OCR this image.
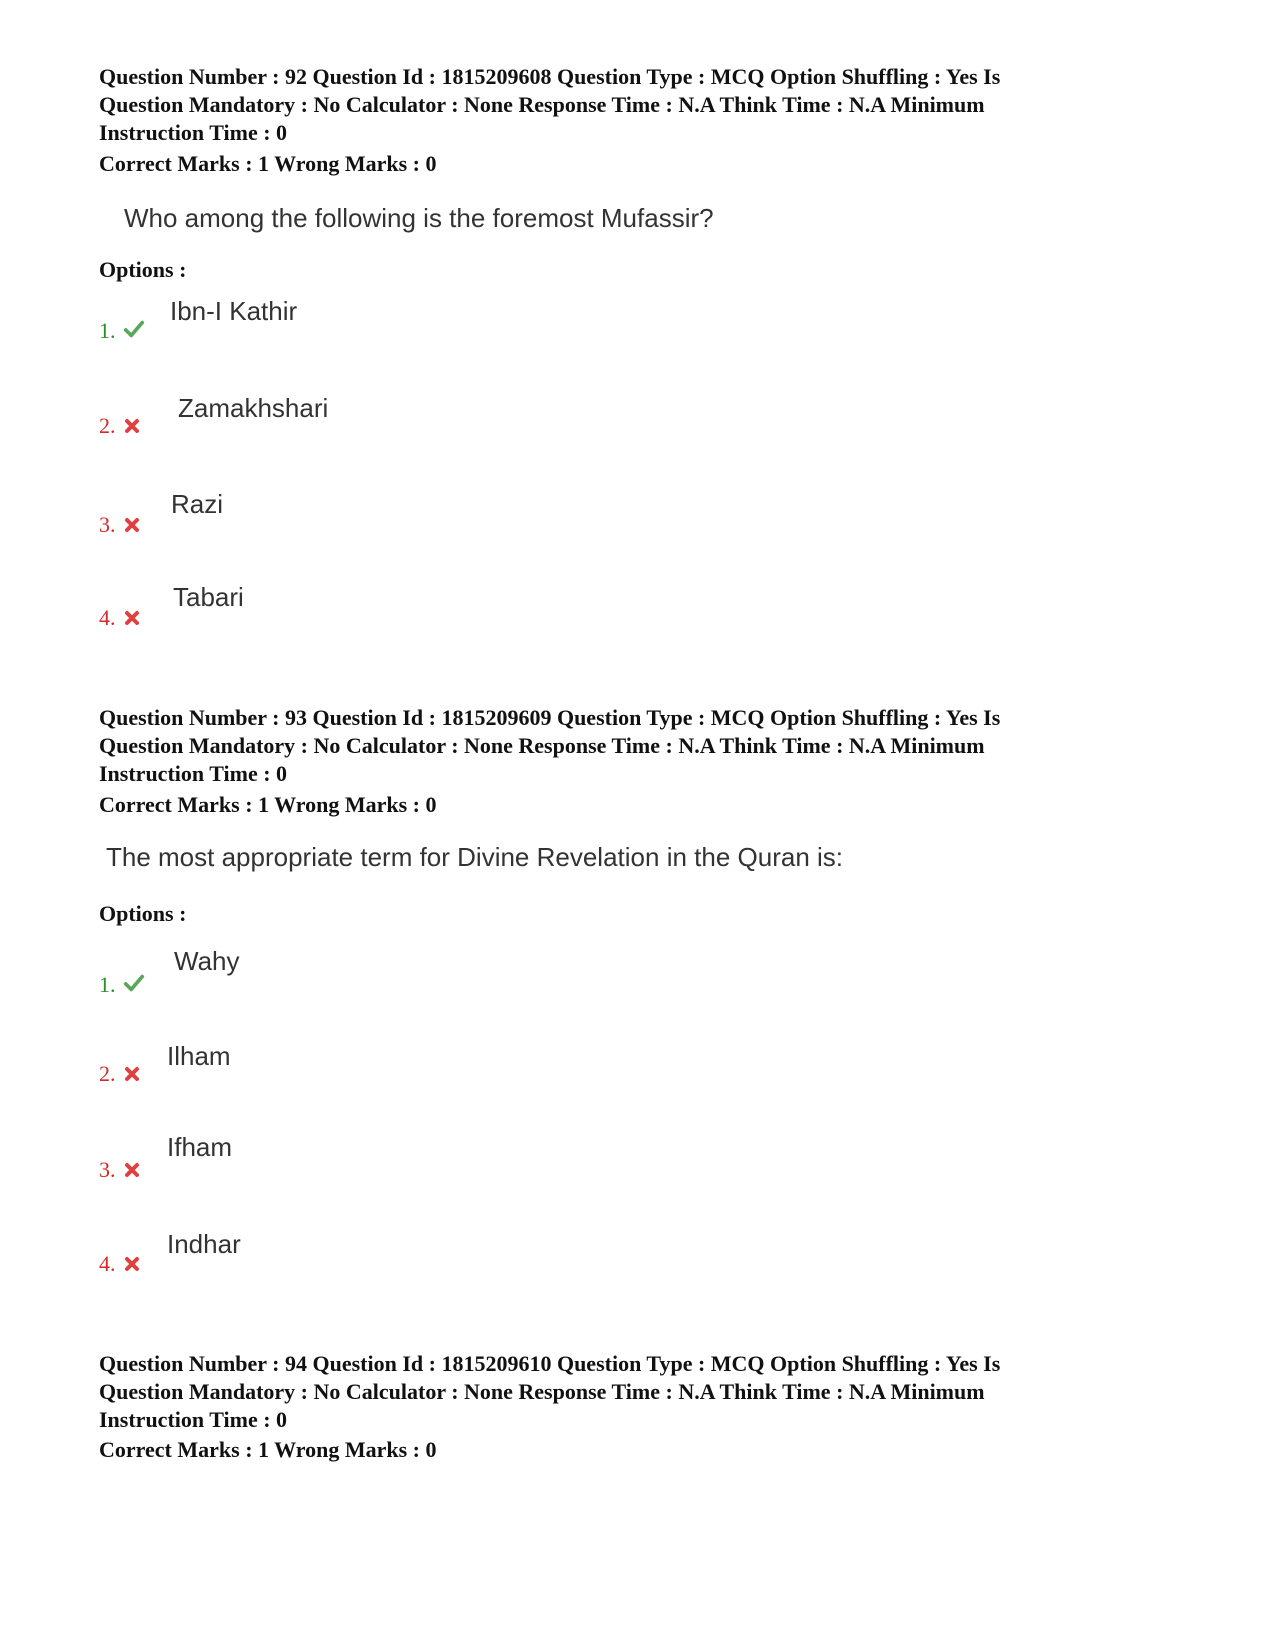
Question Number : 92 Question Id : 1815209608 Question Type : MCQ Option Shuffling : Yes Is
Question Mandatory : No Calculator : None Response Time : N.A Think Time : N.A Minimum
Instruction Time : 0
Correct Marks : 1 Wrong Marks : 0
Who among the following is the foremost Mufassir?
Options :
1.
Ibn-I Kathir
2.
Zamakhshari
3.
Razi
4.
Tabari
Question Number : 93 Question Id : 1815209609 Question Type : MCQ Option Shuffling : Yes Is
Question Mandatory : No Calculator : None Response Time : N.A Think Time : N.A Minimum
Instruction Time : 0
Correct Marks : 1 Wrong Marks : 0
The most appropriate term for Divine Revelation in the Quran is:
Options :
1.
Wahy
2.
Ilham
3.
Ifham
4.
Indhar
Question Number : 94 Question Id : 1815209610 Question Type : MCQ Option Shuffling : Yes Is
Question Mandatory : No Calculator : None Response Time : N.A Think Time : N.A Minimum
Instruction Time : 0
Correct Marks : 1 Wrong Marks : 0
